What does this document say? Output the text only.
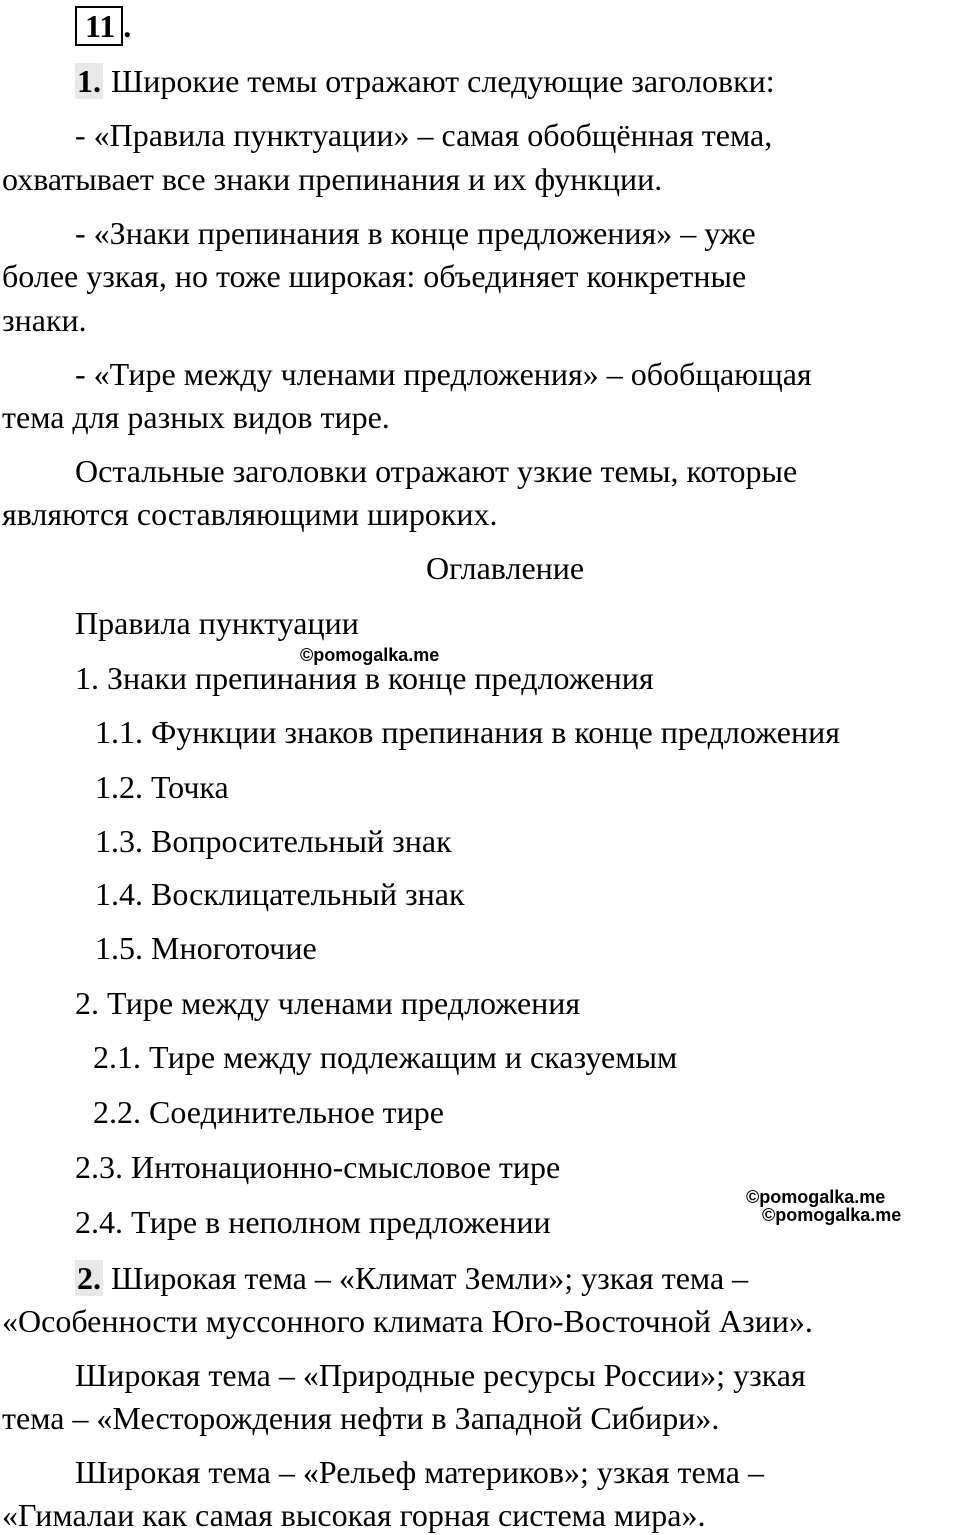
11 .
1. Широкие темы отражают следующие заголовки:
- «Правила пунктуации» – самая обобщённая тема,
охватывает все знаки препинания и их функции.
- «Знаки препинания в конце предложения» – уже
более узкая, но тоже широкая: объединяет конкретные
знаки.
- «Тире между членами предложения» – обобщающая
тема для разных видов тире.
Остальные заголовки отражают узкие темы, которые
являются составляющими широких.
Оглавление
Правила пунктуации
©pomogalka.me
1. Знаки препинания в конце предложения
1.1. Функции знаков препинания в конце предложения
1.2. Точка
1.3. Вопросительный знак
1.4. Восклицательный знак
1.5. Многоточие
2. Тире между членами предложения
2.1. Тире между подлежащим и сказуемым
2.2. Соединительное тире
2.3. Интонационно-смысловое тире
©pomogalka.me
©pomogalka.me
2.4. Тире в неполном предложении
2. Широкая тема – «Климат Земли»; узкая тема –
«Особенности муссонного климата Юго-Восточной Азии».
Широкая тема – «Природные ресурсы России»; узкая
тема – «Месторождения нефти в Западной Сибири».
Широкая тема – «Рельеф материков»; узкая тема –
«Гималаи как самая высокая горная система мира».
